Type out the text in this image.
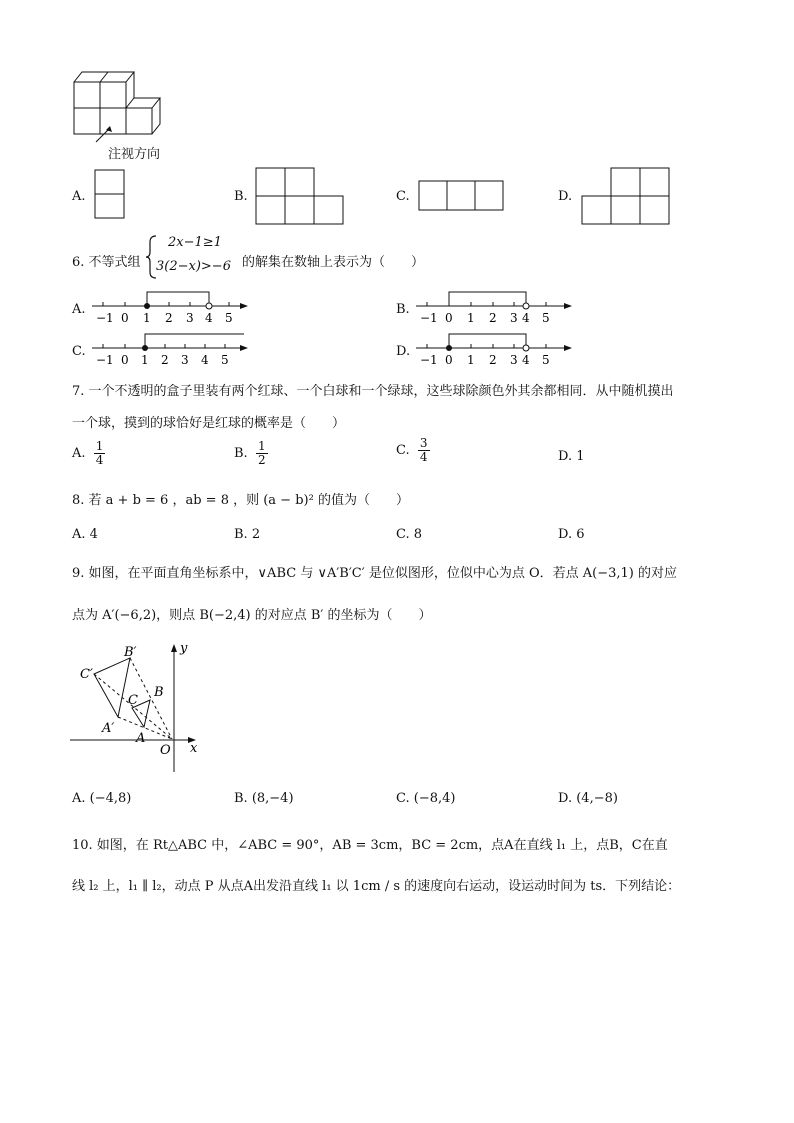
注视方向
A.	B.	C.	D.
6. 不等式组
2x−1≥1
3(2−x)>−6 的解集在数轴上表示为（　　）
A.
−1 0 1 2 3 4 5
B.
−1 0 1 2 3 4 5
C.
−1 0 1 2 3 4 5
D.
−1 0 1 2 3 4 5
7. 一个不透明的盒子里装有两个红球、一个白球和一个绿球，这些球除颜色外其余都相同．从中随机摸出
一个球，摸到的球恰好是红球的概率是（　　）
A. $\frac{1}{4}$	B. $\frac{1}{2}$	C. $\frac{3}{4}$	D. 1
8. 若 a + b = 6 ，ab = 8 ，则 (a − b)² 的值为（　　）
A. 4	B. 2	C. 8	D. 6
9. 如图，在平面直角坐标系中，∨ABC 与 ∨A′B′C′ 是位似图形，位似中心为点 O．若点 A(−3,1) 的对应
点为 A′(−6,2)，则点 B(−2,4) 的对应点 B′ 的坐标为（　　）
C′
B′
C
B
A′
A
O x
y
A. (−4,8)	B. (8,−4)	C. (−8,4)	D. (4,−8)
10. 如图，在 Rt△ABC 中，∠ABC = 90°，AB = 3cm，BC = 2cm，点A在直线 l₁ 上，点B，C在直
线 l₂ 上，l₁ ∥ l₂，动点 P 从点A出发沿直线 l₁ 以 1cm / s 的速度向右运动，设运动时间为 ts．下列结论：
